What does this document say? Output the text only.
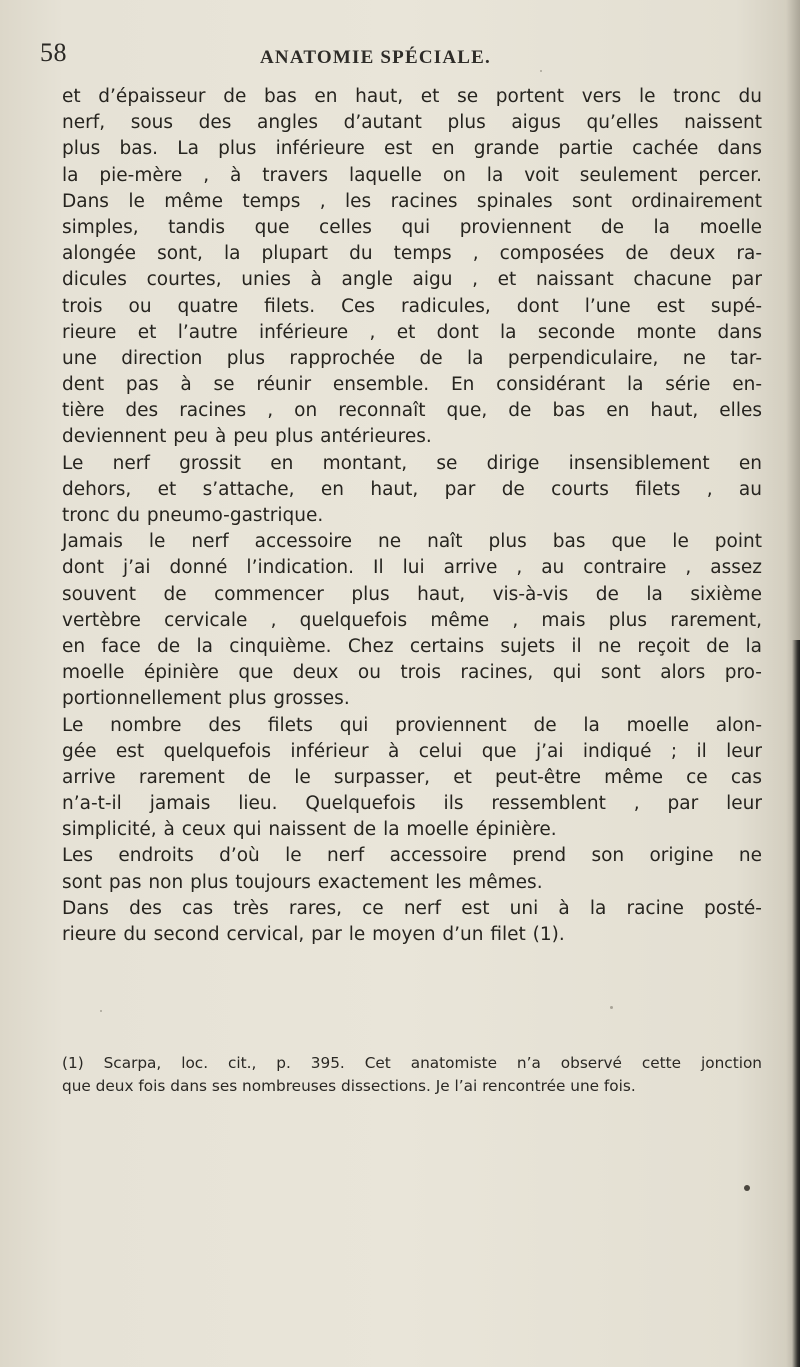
58	ANATOMIE SPÉCIALE.
et d’épaisseur de bas en haut, et se portent vers le tronc du
nerf, sous des angles d’autant plus aigus qu’elles naissent
plus bas. La plus inférieure est en grande partie cachée dans
la pie-mère , à travers laquelle on la voit seulement percer.
Dans le même temps , les racines spinales sont ordinairement
simples, tandis que celles qui proviennent de la moelle
alongée sont, la plupart du temps , composées de deux ra-
dicules courtes, unies à angle aigu , et naissant chacune par
trois ou quatre filets. Ces radicules, dont l’une est supé-
rieure et l’autre inférieure , et dont la seconde monte dans
une direction plus rapprochée de la perpendiculaire, ne tar-
dent pas à se réunir ensemble. En considérant la série en-
tière des racines , on reconnaît que, de bas en haut, elles
deviennent peu à peu plus antérieures.
Le nerf grossit en montant, se dirige insensiblement en
dehors, et s’attache, en haut, par de courts filets , au
tronc du pneumo-gastrique.
Jamais le nerf accessoire ne naît plus bas que le point
dont j’ai donné l’indication. Il lui arrive , au contraire , assez
souvent de commencer plus haut, vis-à-vis de la sixième
vertèbre cervicale , quelquefois même , mais plus rarement,
en face de la cinquième. Chez certains sujets il ne reçoit de la
moelle épinière que deux ou trois racines, qui sont alors pro-
portionnellement plus grosses.
Le nombre des filets qui proviennent de la moelle alon-
gée est quelquefois inférieur à celui que j’ai indiqué ; il leur
arrive rarement de le surpasser, et peut-être même ce cas
n’a-t-il jamais lieu. Quelquefois ils ressemblent , par leur
simplicité, à ceux qui naissent de la moelle épinière.
Les endroits d’où le nerf accessoire prend son origine ne
sont pas non plus toujours exactement les mêmes.
Dans des cas très rares, ce nerf est uni à la racine posté-
rieure du second cervical, par le moyen d’un filet (1).
(1) Scarpa, loc. cit., p. 395. Cet anatomiste n’a observé cette jonction
que deux fois dans ses nombreuses dissections. Je l’ai rencontrée une fois.
